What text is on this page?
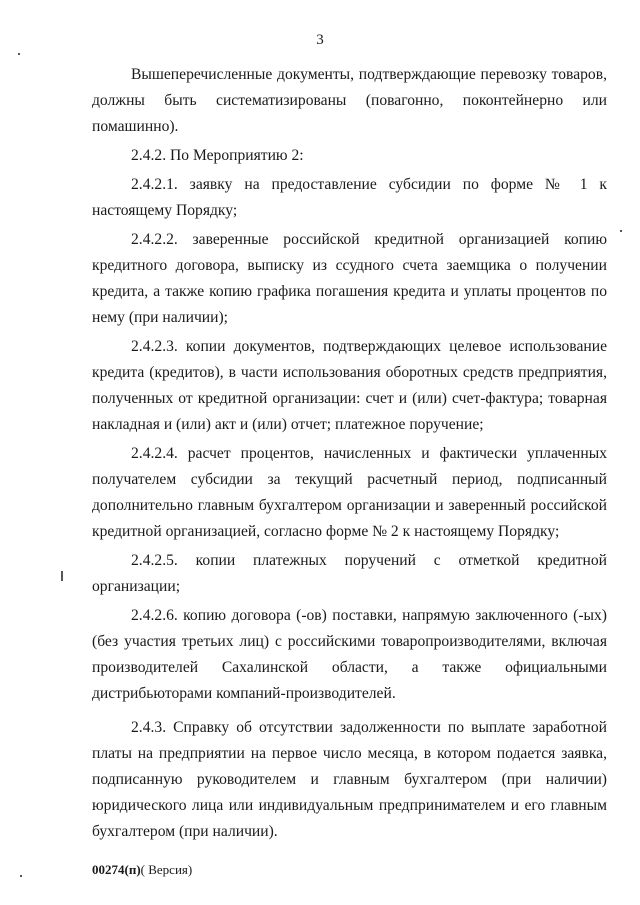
3

Вышеперечисленные документы, подтверждающие перевозку товаров, должны быть систематизированы (повагонно, поконтейнерно или помашинно).

2.4.2. По Мероприятию 2:

2.4.2.1. заявку на предоставление субсидии по форме № 1 к настоящему Порядку;

2.4.2.2. заверенные российской кредитной организацией копию кредитного договора, выписку из ссудного счета заемщика о получении кредита, а также копию графика погашения кредита и уплаты процентов по нему (при наличии);

2.4.2.3. копии документов, подтверждающих целевое использование кредита (кредитов), в части использования оборотных средств предприятия, полученных от кредитной организации: счет и (или) счет-фактура; товарная накладная и (или) акт и (или) отчет; платежное поручение;

2.4.2.4. расчет процентов, начисленных и фактически уплаченных получателем субсидии за текущий расчетный период, подписанный дополнительно главным бухгалтером организации и заверенный российской кредитной организацией, согласно форме № 2 к настоящему Порядку;

2.4.2.5. копии платежных поручений с отметкой кредитной организации;

2.4.2.6. копию договора (-ов) поставки, напрямую заключенного (-ых) (без участия третьих лиц) с российскими товаропроизводителями, включая производителей Сахалинской области, а также официальными дистрибьюторами компаний-производителей.

2.4.3. Справку об отсутствии задолженности по выплате заработной платы на предприятии на первое число месяца, в котором подается заявка, подписанную руководителем и главным бухгалтером (при наличии) юридического лица или индивидуальным предпринимателем и его главным бухгалтером (при наличии).

00274(п)( Версия)
